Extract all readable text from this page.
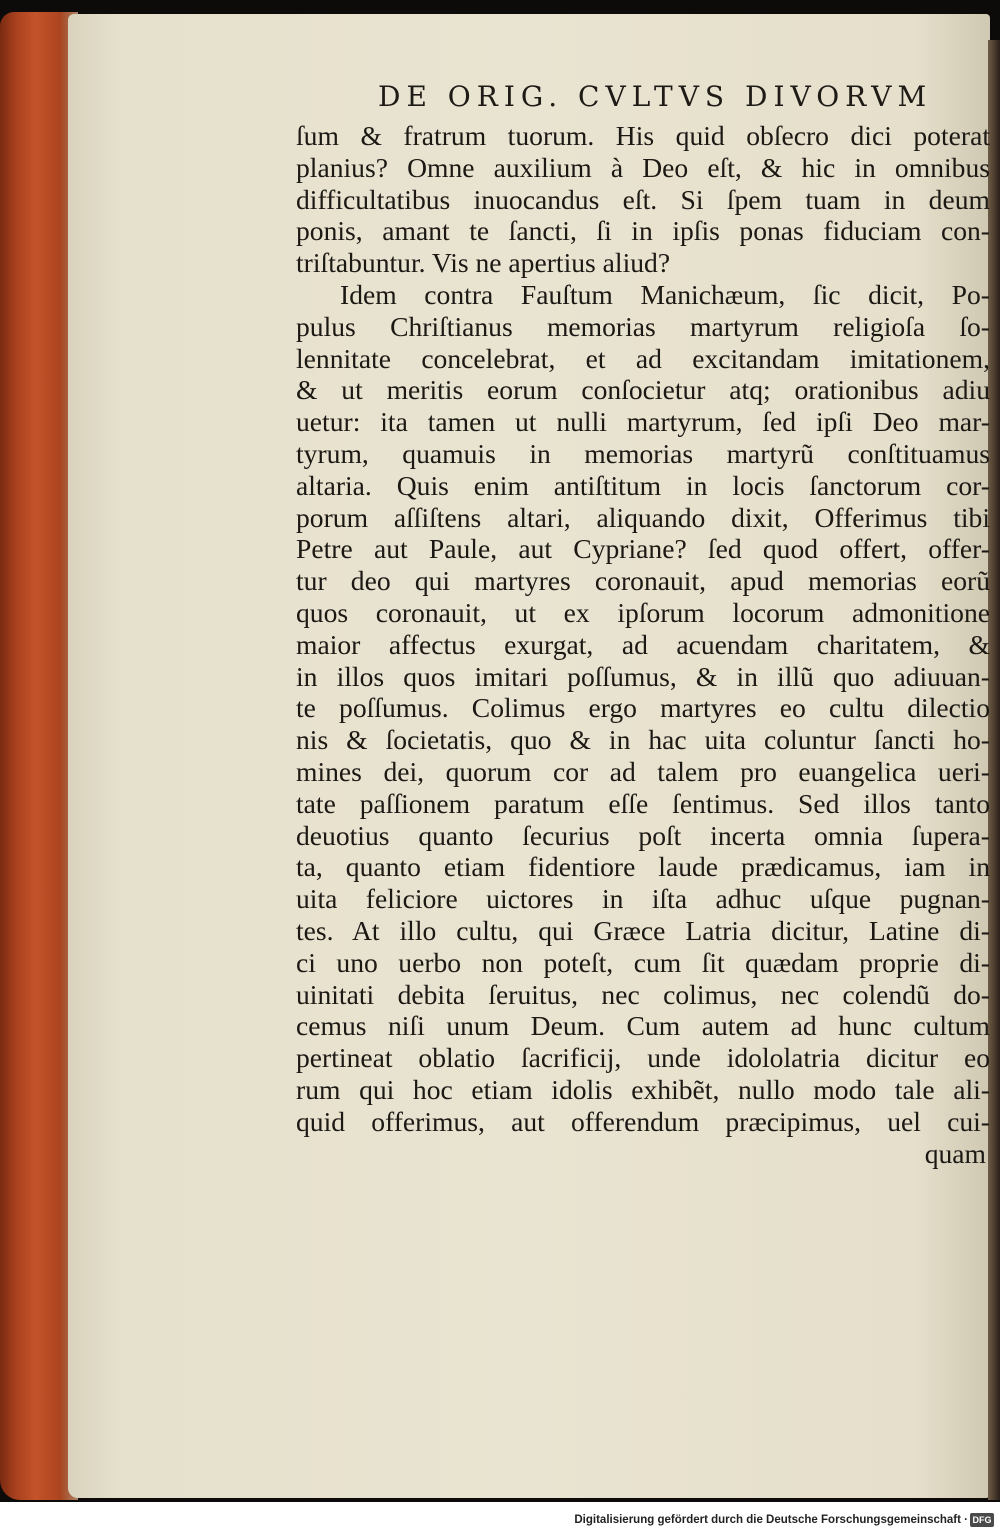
DE ORIG. CVLTVS DIVORVM
ſum & fratrum tuorum. His quid obſecro dici poterat
planius? Omne auxilium à Deo eſt, & hic in omnibus
difficultatibus inuocandus eſt. Si ſpem tuam in deum
ponis, amant te ſancti, ſi in ipſis ponas fiduciam con-
triſtabuntur. Vis ne apertius aliud?
Idem contra Fauſtum Manichæum, ſic dicit, Po-
pulus Chriſtianus memorias martyrum religioſa ſo-
lennitate concelebrat, et ad excitandam imitationem,
& ut meritis eorum conſocietur atq; orationibus adiu
uetur: ita tamen ut nulli martyrum, ſed ipſi Deo mar-
tyrum, quamuis in memorias martyrũ conſtituamus
altaria. Quis enim antiſtitum in locis ſanctorum cor-
porum aſſiſtens altari, aliquando dixit, Offerimus tibi
Petre aut Paule, aut Cypriane? ſed quod offert, offer-
tur deo qui martyres coronauit, apud memorias eorũ
quos coronauit, ut ex ipſorum locorum admonitione
maior affectus exurgat, ad acuendam charitatem, &
in illos quos imitari poſſumus, & in illũ quo adiuuan-
te poſſumus. Colimus ergo martyres eo cultu dilectio
nis & ſocietatis, quo & in hac uita coluntur ſancti ho-
mines dei, quorum cor ad talem pro euangelica ueri-
tate paſſionem paratum eſſe ſentimus. Sed illos tanto
deuotius quanto ſecurius poſt incerta omnia ſupera-
ta, quanto etiam fidentiore laude prædicamus, iam in
uita feliciore uictores in iſta adhuc uſque pugnan-
tes. At illo cultu, qui Græce Latria dicitur, Latine di-
ci uno uerbo non poteſt, cum ſit quædam proprie di-
uinitati debita ſeruitus, nec colimus, nec colendũ do-
cemus niſi unum Deum. Cum autem ad hunc cultum
pertineat oblatio ſacrificij, unde idololatria dicitur eo
rum qui hoc etiam idolis exhibẽt, nullo modo tale ali-
quid offerimus, aut offerendum præcipimus, uel cui-
quam
Digitalisierung gefördert durch die Deutsche Forschungsgemeinschaft · DFG
